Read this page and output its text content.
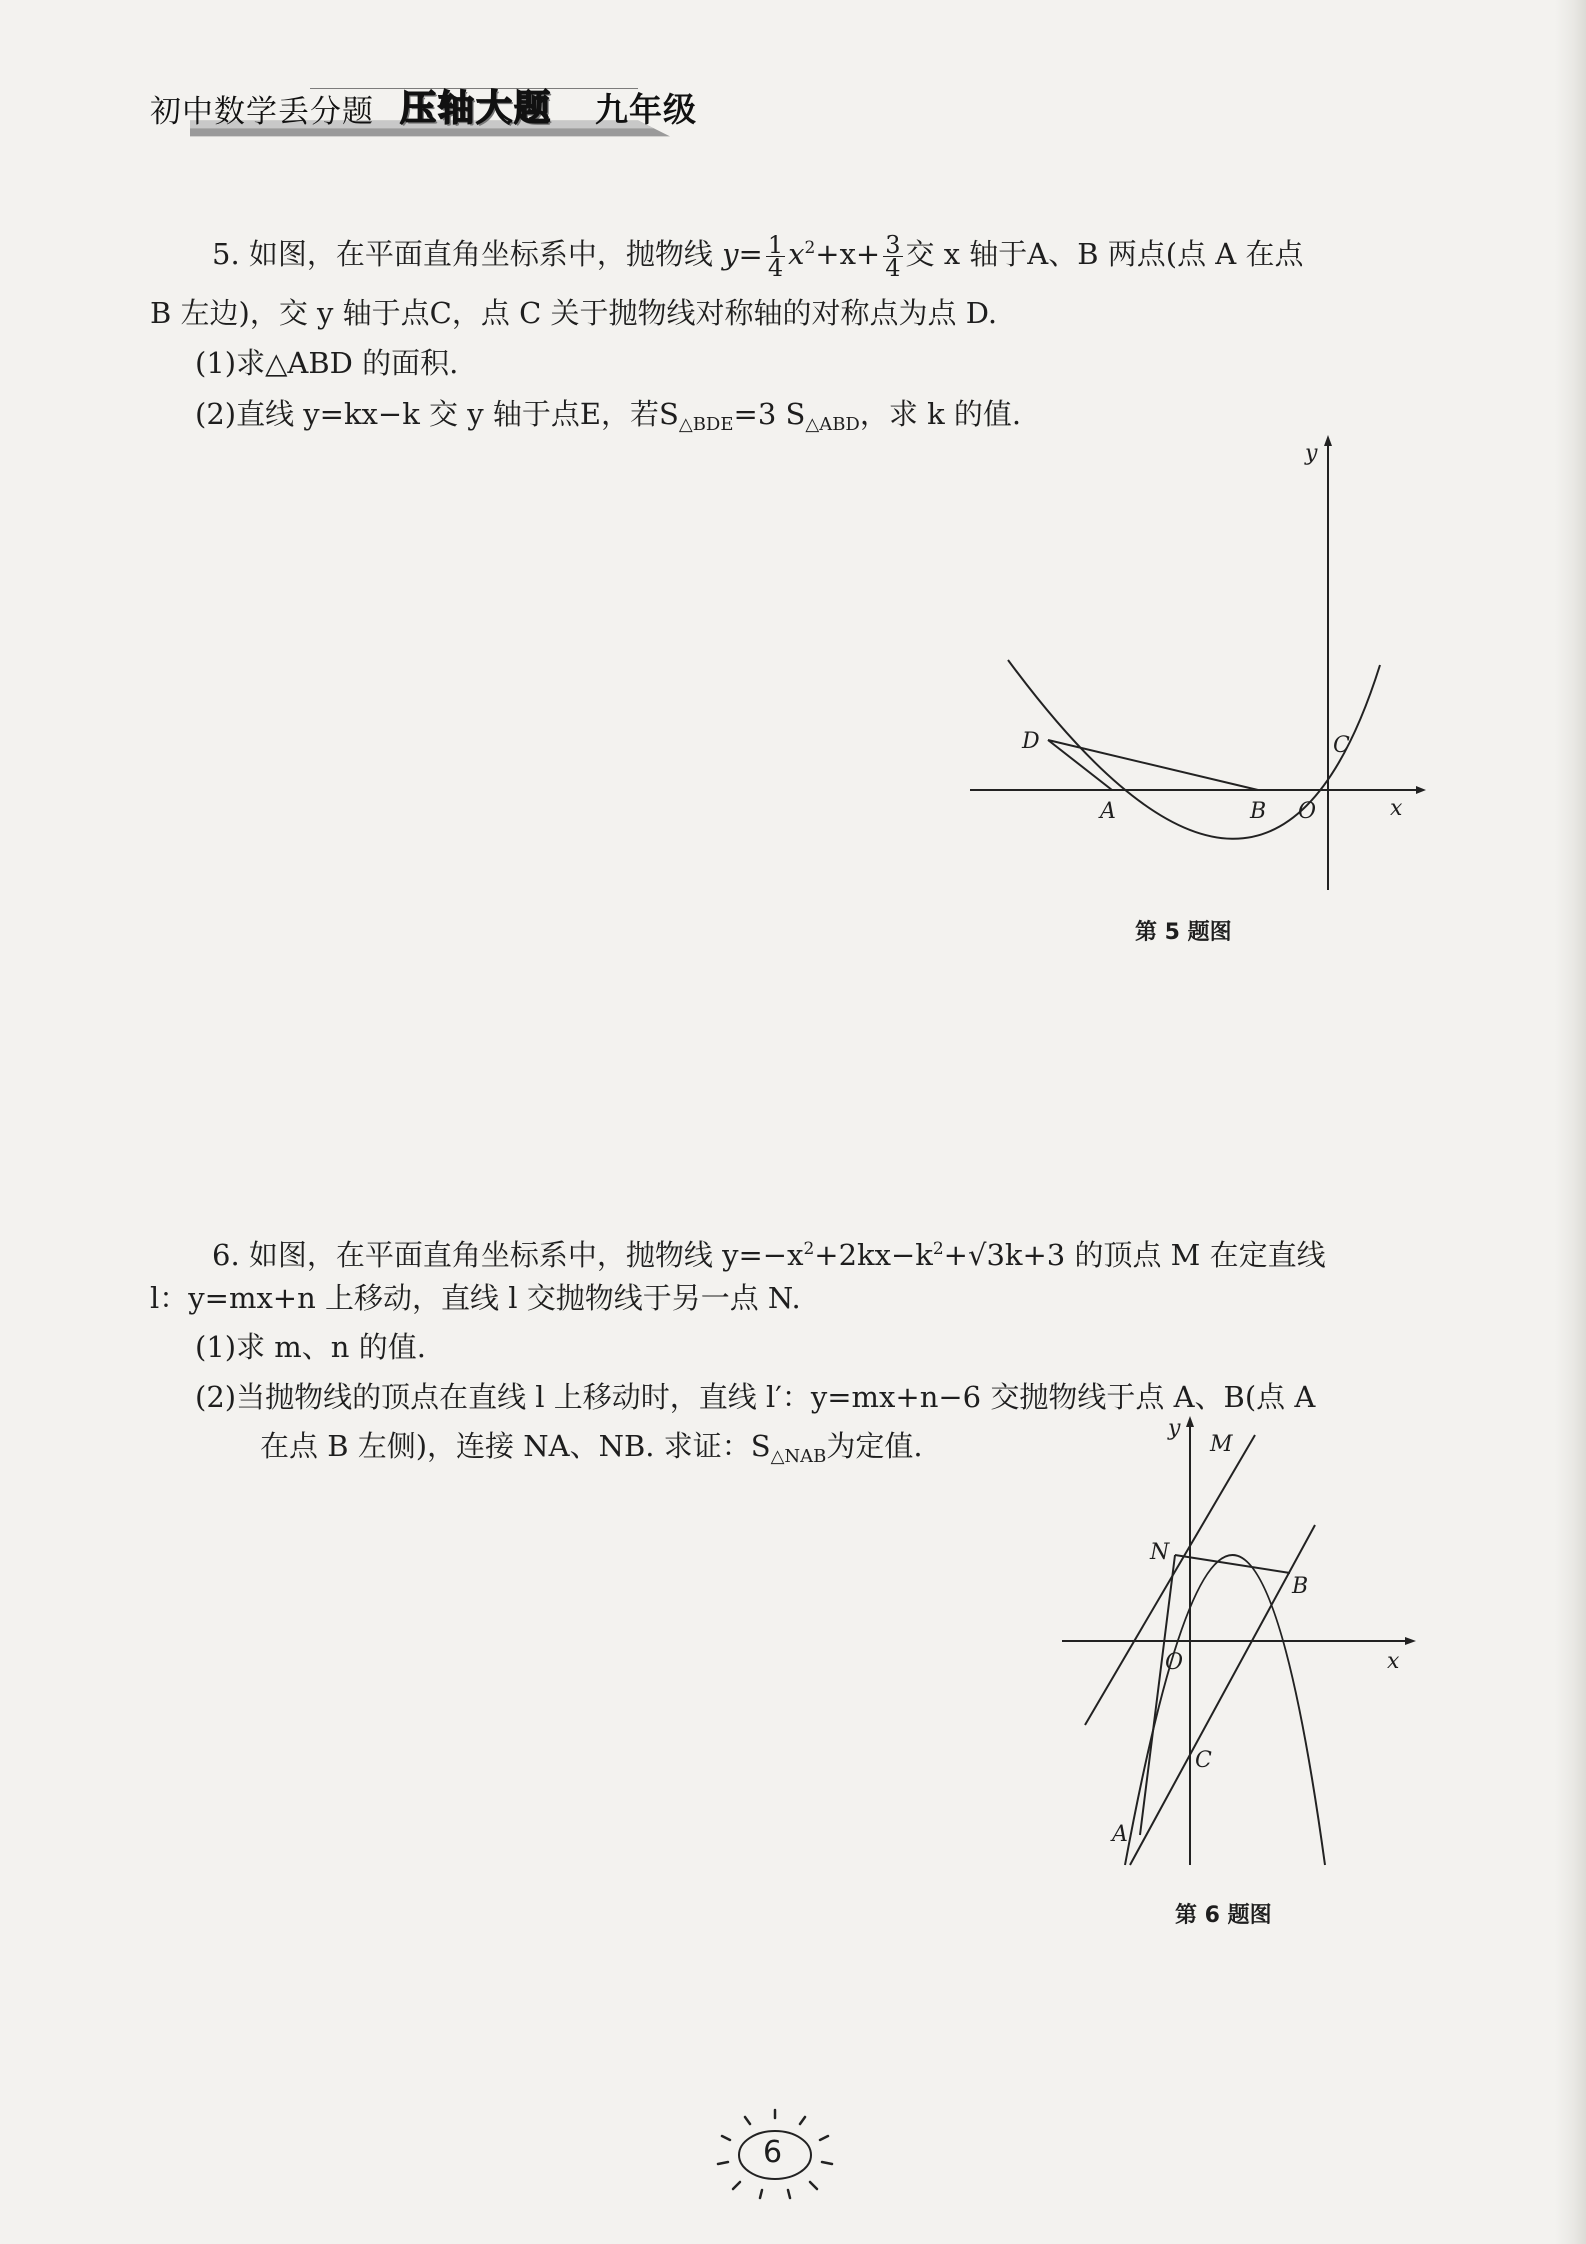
初中数学丢分题 压轴大题 九年级
5. 如图，在平面直角坐标系中，抛物线 $y= \frac{1}{4} x^2+x+ \frac{3}{4}$ 交 x 轴于A、B 两点(点 A 在点
B 左边)，交 y 轴于点C，点 C 关于抛物线对称轴的对称点为点 D.
(1)求△ABD 的面积.
(2)直线 y=kx−k 交 y 轴于点E，若$S_{\triangle BDE}=3$ $S_{\triangle ABD}$，求 k 的值.
y
x
D
A	B O
C
第 5 题图
6. 如图，在平面直角坐标系中，抛物线 $y=-x^2+2kx-k^2+√3k+3$ 的顶点 M 在定直线
l：y=mx+n 上移动，直线 l 交抛物线于另一点 N.
(1)求 m、n 的值.
(2)当抛物线的顶点在直线 l 上移动时，直线 l′：y=mx+n−6 交抛物线于点 A、B(点 A
在点 B 左侧)，连接 NA、NB. 求证：$S_{\triangle NAB}$为定值.
y
M
N
B
O	x
C
A
第 6 题图
6
